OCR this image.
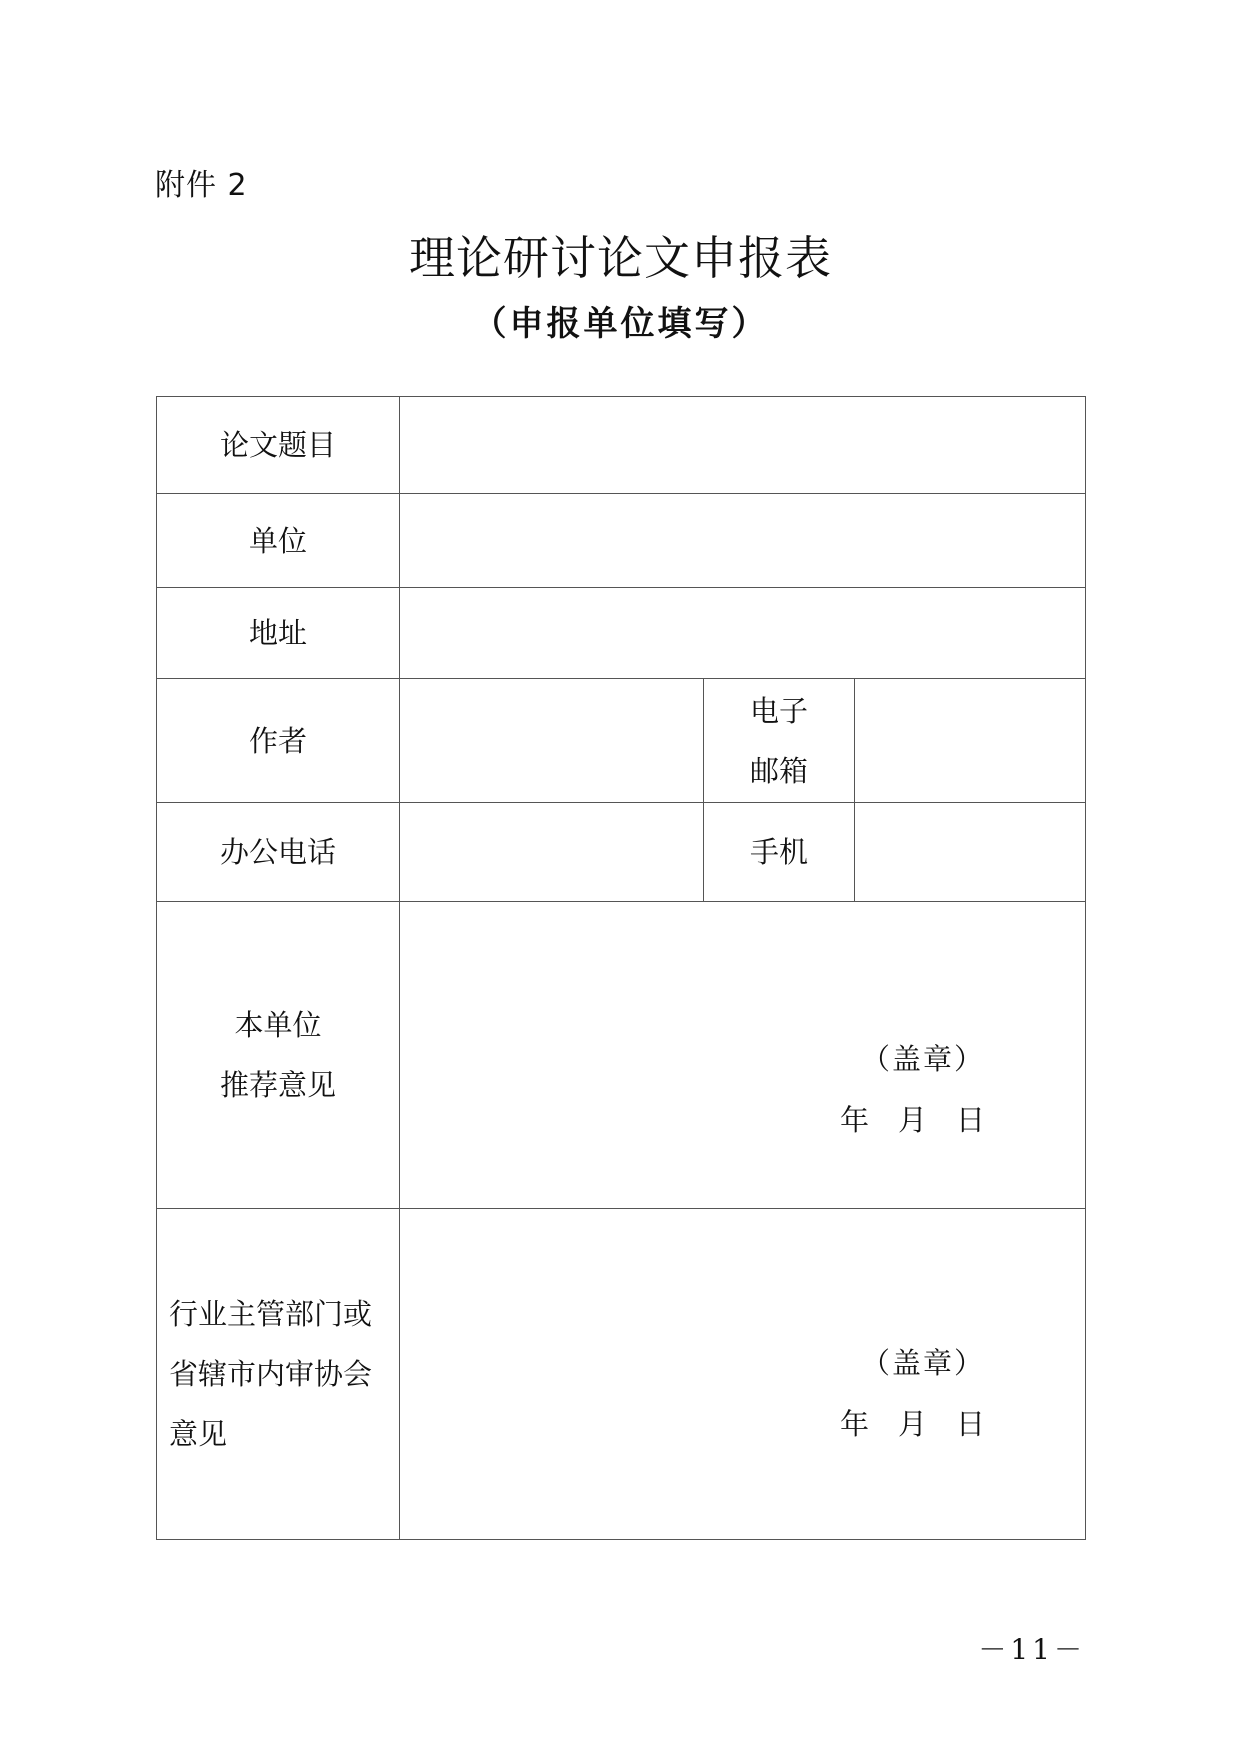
附件 2
理论研讨论文申报表
（申报单位填写）
论文题目			
单位			
地址			
作者		电子
邮箱	

办公电话		手机	

本单位
推荐意见	（盖章）
年　月　日		

行业主管部门或
省辖市内审协会
意见	（盖章）
年　月　日		
－11－
